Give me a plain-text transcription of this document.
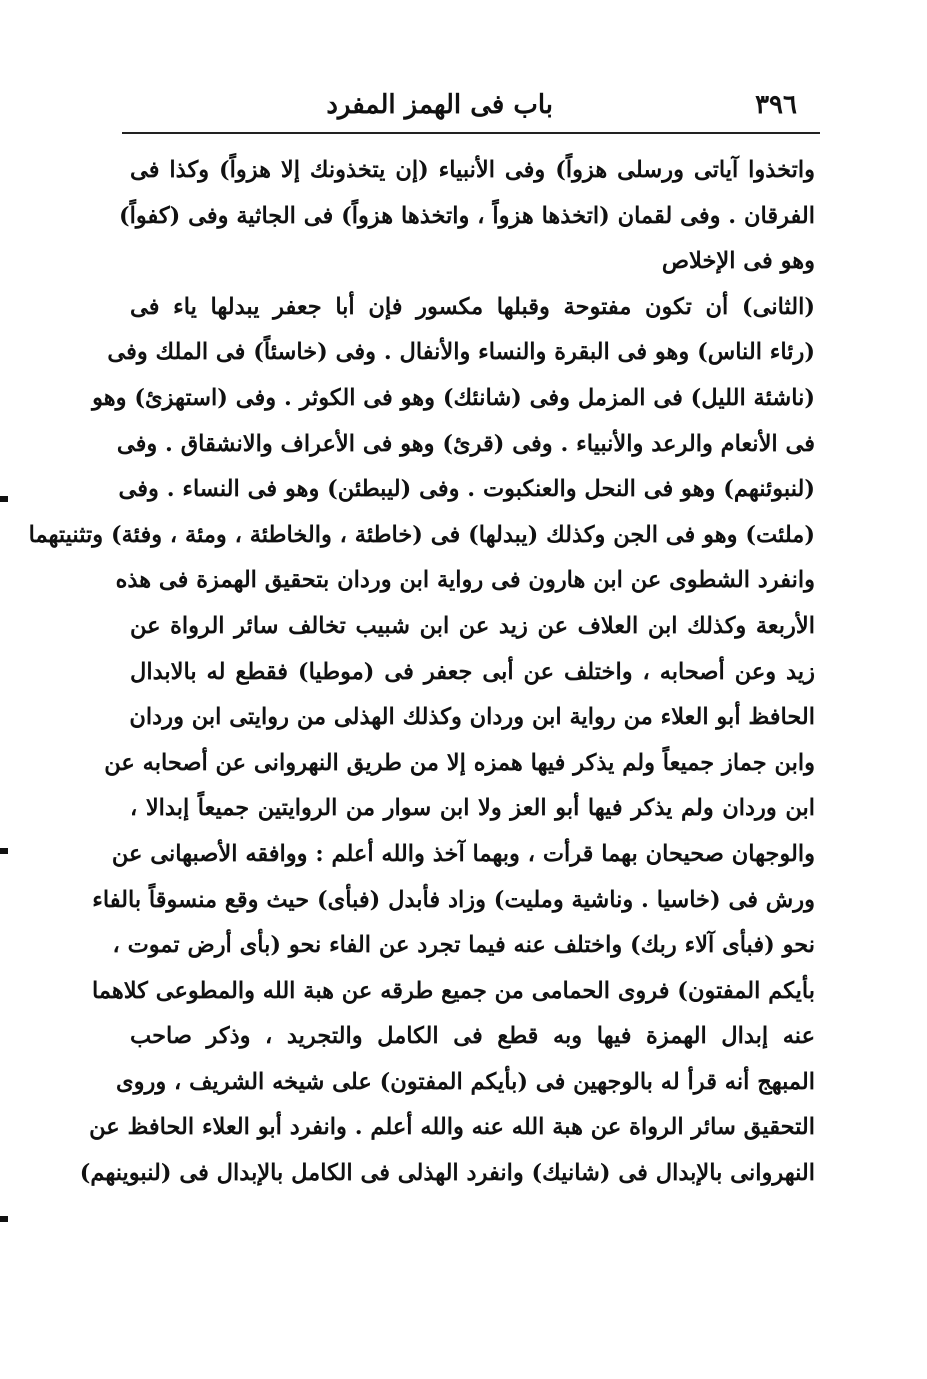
٣٩٦
باب فى الهمز المفرد
واتخذوا آياتى ورسلى هزواً) وفى الأنبياء (إن يتخذونك إلا هزواً) وكذا فى
الفرقان . وفى لقمان (اتخذها هزواً ، واتخذها هزواً) فى الجاثية وفى (كفواً)
وهو فى الإخلاص
(الثانى) أن تكون مفتوحة وقبلها مكسور فإن أبا جعفر يبدلها ياء فى
(رئاء الناس) وهو فى البقرة والنساء والأنفال . وفى (خاسئاً) فى الملك وفى
(ناشئة الليل) فى المزمل وفى (شانئك) وهو فى الكوثر . وفى (استهزئ) وهو
فى الأنعام والرعد والأنبياء . وفى (قرئ) وهو فى الأعراف والانشقاق . وفى
(لنبوئنهم) وهو فى النحل والعنكبوت . وفى (ليبطئن) وهو فى النساء . وفى
(ملئت) وهو فى الجن وكذلك (يبدلها) فى (خاطئة ، والخاطئة ، ومئة ، وفئة) وتثنيتهما
وانفرد الشطوى عن ابن هارون فى رواية ابن وردان بتحقيق الهمزة فى هذه
الأربعة وكذلك ابن العلاف عن زيد عن ابن شبيب تخالف سائر الرواة عن
زيد وعن أصحابه ، واختلف عن أبى جعفر فى (موطيا) فقطع له بالابدال
الحافظ أبو العلاء من رواية ابن وردان وكذلك الهذلى من روايتى ابن وردان
وابن جماز جميعاً ولم يذكر فيها همزه إلا من طريق النهروانى عن أصحابه عن
ابن وردان ولم يذكر فيها أبو العز ولا ابن سوار من الروايتين جميعاً إبدالا ،
والوجهان صحيحان بهما قرأت ، وبهما آخذ والله أعلم : ووافقه الأصبهانى عن
ورش فى (خاسيا . وناشية ومليت) وزاد فأبدل (فبأى) حيث وقع منسوقاً بالفاء
نحو (فبأى آلاء ربك) واختلف عنه فيما تجرد عن الفاء نحو (بأى أرض تموت ،
بأيكم المفتون) فروى الحمامى من جميع طرقه عن هبة الله والمطوعى كلاهما
عنه إبدال الهمزة فيها وبه قطع فى الكامل والتجريد ، وذكر صاحب
المبهج أنه قرأ له بالوجهين فى (بأيكم المفتون) على شيخه الشريف ، وروى
التحقيق سائر الرواة عن هبة الله عنه والله أعلم . وانفرد أبو العلاء الحافظ عن
النهروانى بالإبدال فى (شانيك) وانفرد الهذلى فى الكامل بالإبدال فى (لنبوينهم)
